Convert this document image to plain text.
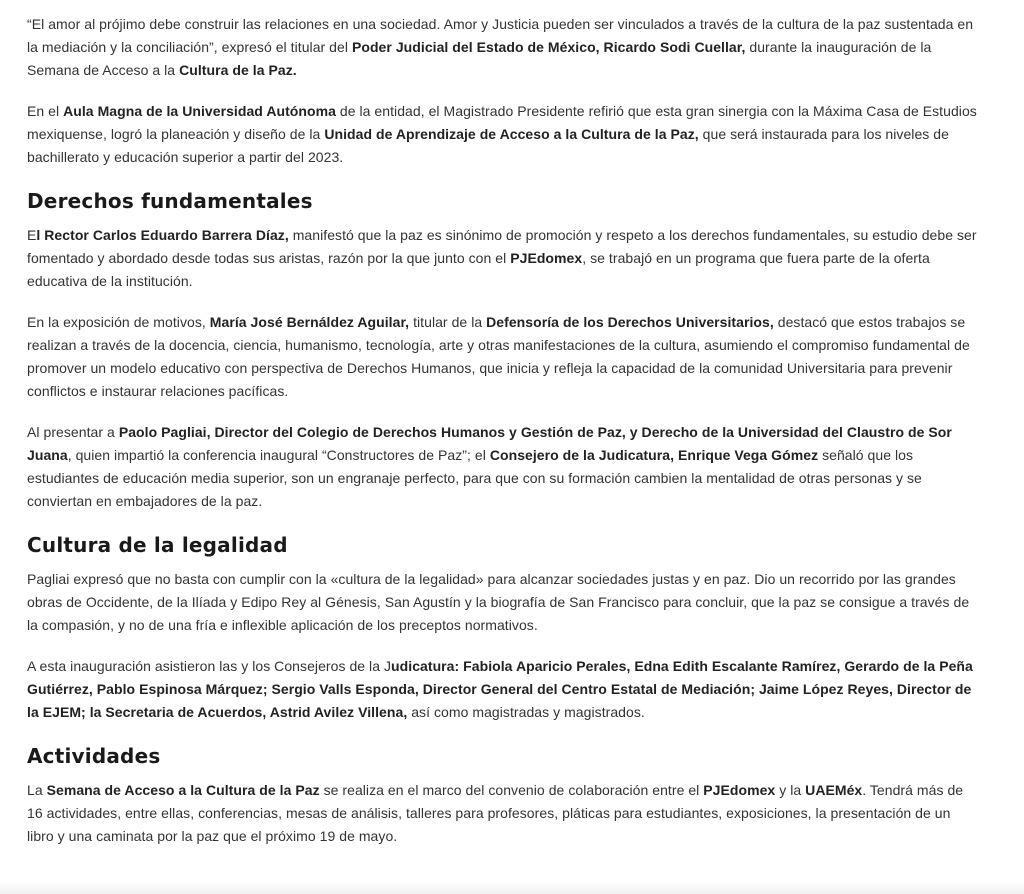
“El amor al prójimo debe construir las relaciones en una sociedad. Amor y Justicia pueden ser vinculados a través de la cultura de la paz sustentada en la mediación y la conciliación”, expresó el titular del Poder Judicial del Estado de México, Ricardo Sodi Cuellar, durante la inauguración de la Semana de Acceso a la Cultura de la Paz.

En el Aula Magna de la Universidad Autónoma de la entidad, el Magistrado Presidente refirió que esta gran sinergia con la Máxima Casa de Estudios mexiquense, logró la planeación y diseño de la Unidad de Aprendizaje de Acceso a la Cultura de la Paz, que será instaurada para los niveles de bachillerato y educación superior a partir del 2023.

Derechos fundamentales

El Rector Carlos Eduardo Barrera Díaz, manifestó que la paz es sinónimo de promoción y respeto a los derechos fundamentales, su estudio debe ser fomentado y abordado desde todas sus aristas, razón por la que junto con el PJEdomex, se trabajó en un programa que fuera parte de la oferta educativa de la institución.

En la exposición de motivos, María José Bernáldez Aguilar, titular de la Defensoría de los Derechos Universitarios, destacó que estos trabajos se realizan a través de la docencia, ciencia, humanismo, tecnología, arte y otras manifestaciones de la cultura, asumiendo el compromiso fundamental de promover un modelo educativo con perspectiva de Derechos Humanos, que inicia y refleja la capacidad de la comunidad Universitaria para prevenir conflictos e instaurar relaciones pacíficas.

Al presentar a Paolo Pagliai, Director del Colegio de Derechos Humanos y Gestión de Paz, y Derecho de la Universidad del Claustro de Sor Juana, quien impartió la conferencia inaugural “Constructores de Paz”; el Consejero de la Judicatura, Enrique Vega Gómez señaló que los estudiantes de educación media superior, son un engranaje perfecto, para que con su formación cambien la mentalidad de otras personas y se conviertan en embajadores de la paz.

Cultura de la legalidad

Pagliai expresó que no basta con cumplir con la «cultura de la legalidad» para alcanzar sociedades justas y en paz. Dio un recorrido por las grandes obras de Occidente, de la Ilíada y Edipo Rey al Génesis, San Agustín y la biografía de San Francisco para concluir, que la paz se consigue a través de la compasión, y no de una fría e inflexible aplicación de los preceptos normativos.

A esta inauguración asistieron las y los Consejeros de la Judicatura: Fabiola Aparicio Perales, Edna Edith Escalante Ramírez, Gerardo de la Peña Gutiérrez, Pablo Espinosa Márquez; Sergio Valls Esponda, Director General del Centro Estatal de Mediación; Jaime López Reyes, Director de la EJEM; la Secretaria de Acuerdos, Astrid Avilez Villena, así como magistradas y magistrados.

Actividades

La Semana de Acceso a la Cultura de la Paz se realiza en el marco del convenio de colaboración entre el PJEdomex y la UAEMéx. Tendrá más de 16 actividades, entre ellas, conferencias, mesas de análisis, talleres para profesores, pláticas para estudiantes, exposiciones, la presentación de un libro y una caminata por la paz que el próximo 19 de mayo.
